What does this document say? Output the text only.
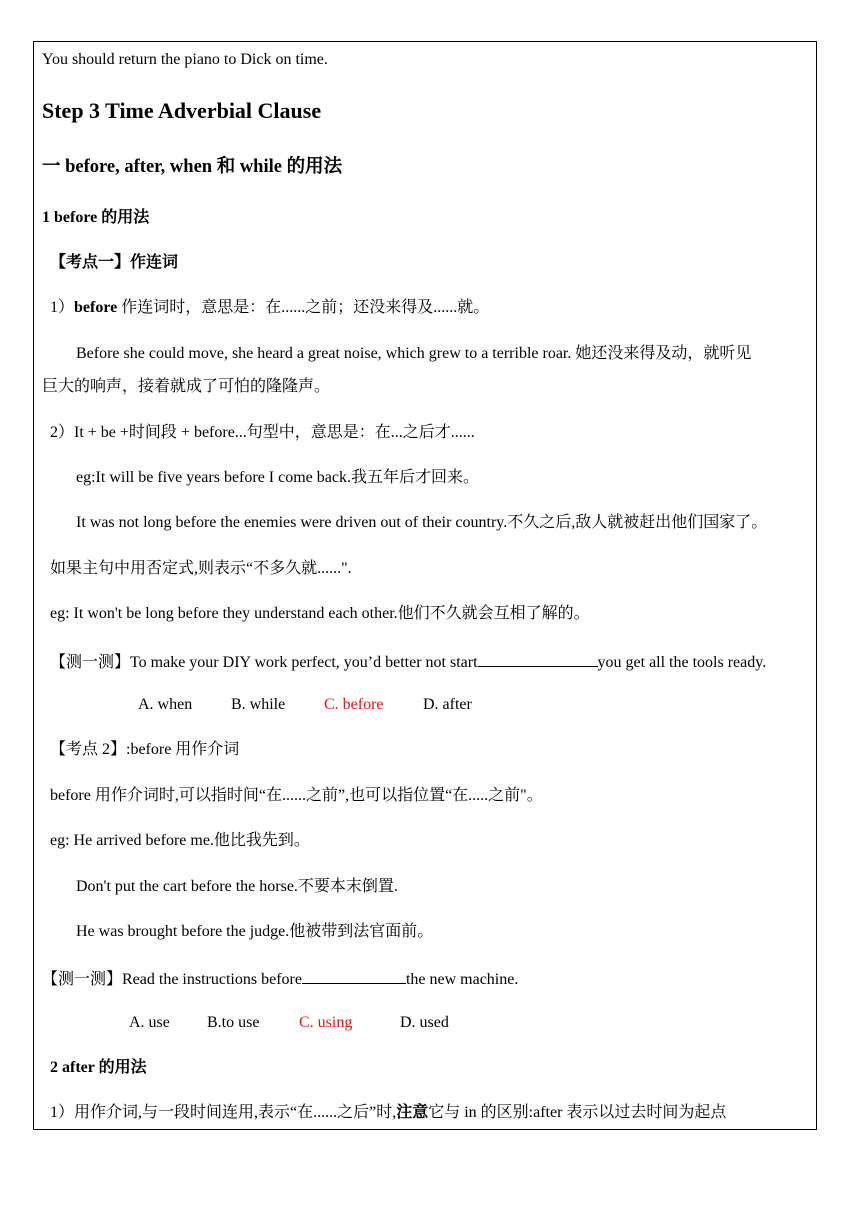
You should return the piano to Dick on time.
Step 3 Time Adverbial Clause
一 before, after, when 和 while 的用法
1 before 的用法
【考点一】作连词
1）before 作连词时，意思是：在......之前；还没来得及......就。
Before she could move, she heard a great noise, which grew to a terrible roar. 她还没来得及动，就听见
巨大的响声，接着就成了可怕的隆隆声。
2）It + be +时间段 + before...句型中，意思是：在...之后才......
eg:It will be five years before I come back.我五年后才回来。
It was not long before the enemies were driven out of their country.不久之后,敌人就被赶出他们国家了。
如果主句中用否定式,则表示“不多久就......".
eg: It won't be long before they understand each other.他们不久就会互相了解的。
【测一测】To make your DIY work perfect, you’d better not start	you get all the tools ready.
A. when B. while C. before D. after
【考点 2】:before 用作介词
before 用作介词时,可以指时间“在......之前”,也可以指位置“在.....之前"。
eg: He arrived before me.他比我先到。
Don't put the cart before the horse.不要本末倒置.
He was brought before the judge.他被带到法官面前。
【测一测】Read the instructions before	the new machine.
A. use B.to use C. using	D. used
2 after 的用法
1）用作介词,与一段时间连用,表示“在......之后”时,注意它与 in 的区别:after 表示以过去时间为起点
